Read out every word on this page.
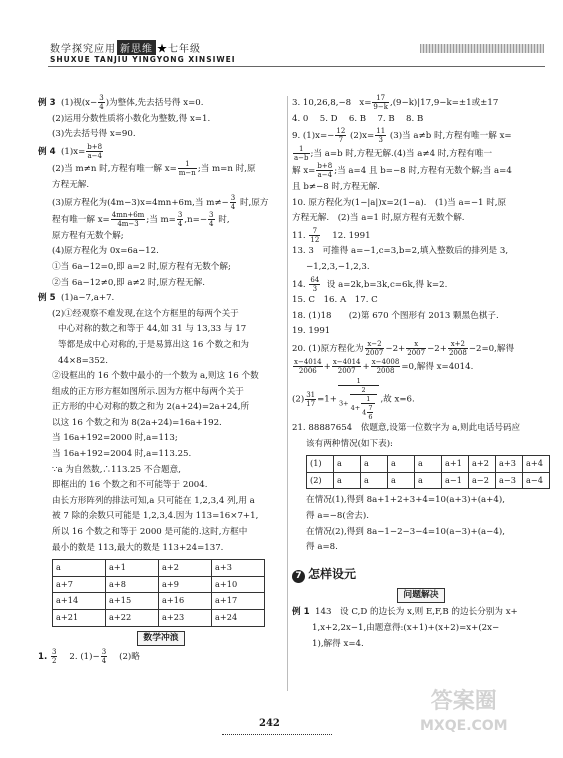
数学探究应用 新思维 ★七年级
SHUXUE TANJIU YINGYONG XINSIWEI
例 3 (1)视($x- \frac{3}{4}$ )为整体,先去括号得 x=0.
(2)运用分数性质将小数化为整数,得 x=1.
(3)先去括号得 x=90.
例 4 $(1)x= \frac{b+8}{a-4}$
(2)当 m≠n 时,方程有唯一解 $x= \frac{1}{m-n}$ ;当 m=n 时,原
方程无解.
(3)原方程化为(4m−3)x=4mn+6m,当 $m\ne- \frac{3}{4}$ 时,原方
程有唯一解 $x= \frac{4mn+6m}{4m-3}$ ;当 $m= \frac{3}{4} ,n=- \frac{3}{4}$ 时,
原方程有无数个解;
(4)原方程化为 0x=6a−12.
①当 6a−12=0,即 a=2 时,原方程有无数个解;
②当 6a−12≠0,即 a≠2 时,原方程无解.
例 5 (1)a−7,a+7.
(2)①经观察不难发现,在这个方框里的每两个关于
中心对称的数之和等于 44,如 31 与 13,33 与 17
等都是成中心对称的,于是易算出这 16 个数之和为
44×8=352.
②设框出的 16 个数中最小的一个数为 a,则这 16 个数
组成的正方形方框如图所示.因为方框中每两个关于
正方形的中心对称的数之和为 2(a+24)=2a+24,所
以这 16 个数之和为 8(2a+24)=16a+192.
当 16a+192=2000 时,a=113;
当 16a+192=2004 时,a=113.25.
∵a 为自然数,∴113.25 不合题意,
即框出的 16 个数之和不可能等于 2004.
由长方形阵列的排法可知,a 只可能在 1,2,3,4 列,用 a
被 7 除的余数只可能是 1,2,3,4.因为 113=16×7+1,
所以 16 个数之和等于 2000 是可能的.这时,方框中
最小的数是 113,最大的数是 113+24=137.
a	a+1	a+2	a+3
a+7	a+8	a+9	a+10
a+14	a+15	a+16	a+17
a+21	a+22	a+23	a+24
数学冲浪
1. $\frac{3}{2} 2$. $(1)- \frac{3}{4} (2)$略
3. 10,26,8,−8 $x= \frac{17}{9-k} ,(9-k)|17,9-k=\pm 1$或±17
4. 0　 5. D　 6. B　 7. B　 8. B
9. $(1)x=- \frac{12}{7} (2)x= \frac{11}{3} (3)$当 a≠b 时,方程有唯一解 x=
$\frac{1}{a-b}$ ;当 a=b 时,方程无解.(4)当 a≠4 时,方程有唯一
解 $x= \frac{b+8}{a-4}$ ;当 a=4 且 b=−8 时,方程有无数个解;当 a=4
且 b≠−8 时,方程无解.
10. 原方程化为(1−|a|)x=2(1−a).　(1)当 a=−1 时,原
方程无解.　(2)当 a=1 时,原方程有无数个解.
11. $\frac{7}{12} 12$. 1991
13. 3　可推得 a=−1,c=3,b=2,填入整数后的排列是 3,
−1,2,3,−1,2,3.
14. $\frac{64}{3}$ 设 a=2k,b=3k,c=6k,得 k=2.
15. C　16. A　17. C
18. (1)18　　(2)第 670 个图形有 2013 颗黑色棋子.
19. 1991
20. (1)原方程化为 $\frac{x-2}{2007} -2+ \frac{x}{2007} -2+ \frac{x+2}{2008} -2=0$,解得
$\frac{x-4014}{2006} + \frac{x-4014}{2007} + \frac{x-4008}{2008} =0$,解得 x=4014.
$(2) \frac{31}{17} =1+ \frac{1}{3+ \frac{2}{4+ \frac{1}{4 \frac{7}{6}}}}$ ,故 x=6.
21. 88887654　依题意,设第一位数字为 a,则此电话号码应
该有两种情况(如下表):
(1)	a	a	a	a	a+1	a+2	a+3	a+4
(2)	a	a	a	a	a−1	a−2	a−3	a−4
在情况(1),得到 8a+1+2+3+4=10(a+3)+(a+4),
得 a=−8(舍去).
在情况(2),得到 8a−1−2−3−4=10(a−3)+(a−4),
得 a=8.
7 怎样设元
问题解决
例 1 143　设 C,D 的边长为 x,则 E,F,B 的边长分别为 x+
1,x+2,2x−1,由题意得:(x+1)+(x+2)=x+(2x−
1),解得 x=4.
242
答案圈
MXQE.COM
